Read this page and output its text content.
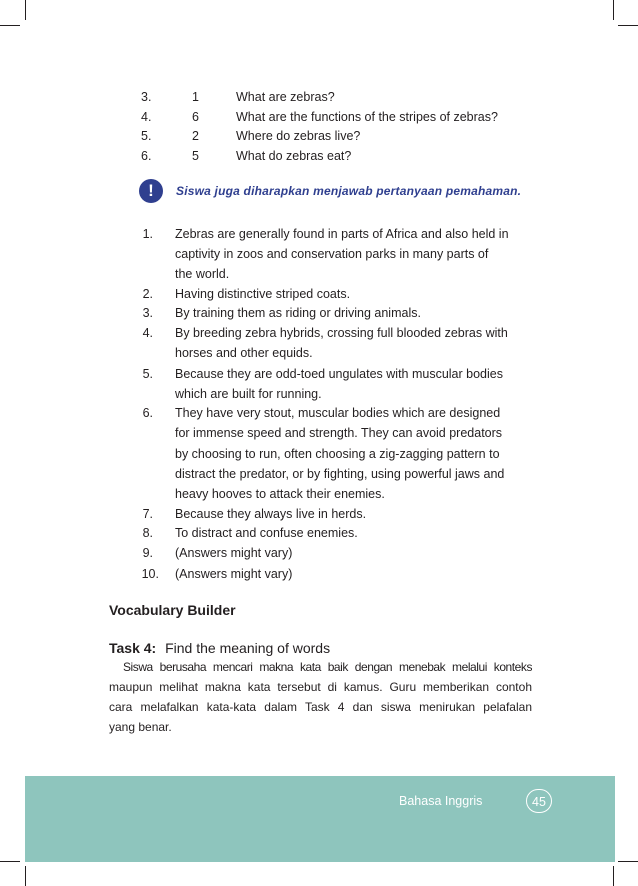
3.	1	What are zebras?
4.	6	What are the functions of the stripes of zebras?
5.	2	Where do zebras live?
6.	5	What do zebras eat?
!	Siswa juga diharapkan menjawab pertanyaan pemahaman.
1. Zebras are generally found in parts of Africa and also held in
captivity in zoos and conservation parks in many parts of
the world.
2. Having distinctive striped coats.
3. By training them as riding or driving animals.
4. By breeding zebra hybrids, crossing full blooded zebras with
horses and other equids.
5. Because they are odd-toed ungulates with muscular bodies
which are built for running.
6. They have very stout, muscular bodies which are designed
for immense speed and strength. They can avoid predators
by choosing to run, often choosing a zig-zagging pattern to
distract the predator, or by fighting, using powerful jaws and
heavy hooves to attack their enemies.
7. Because they always live in herds.
8. To distract and confuse enemies.
9. (Answers might vary)
10. (Answers might vary)
Vocabulary Builder
Task 4: Find the meaning of words
Siswa berusaha mencari makna kata baik dengan menebak melalui konteks
maupun melihat makna kata tersebut di kamus. Guru memberikan contoh
cara melafalkan kata-kata dalam Task 4 dan siswa menirukan pelafalan
yang benar.
Bahasa Inggris	45
